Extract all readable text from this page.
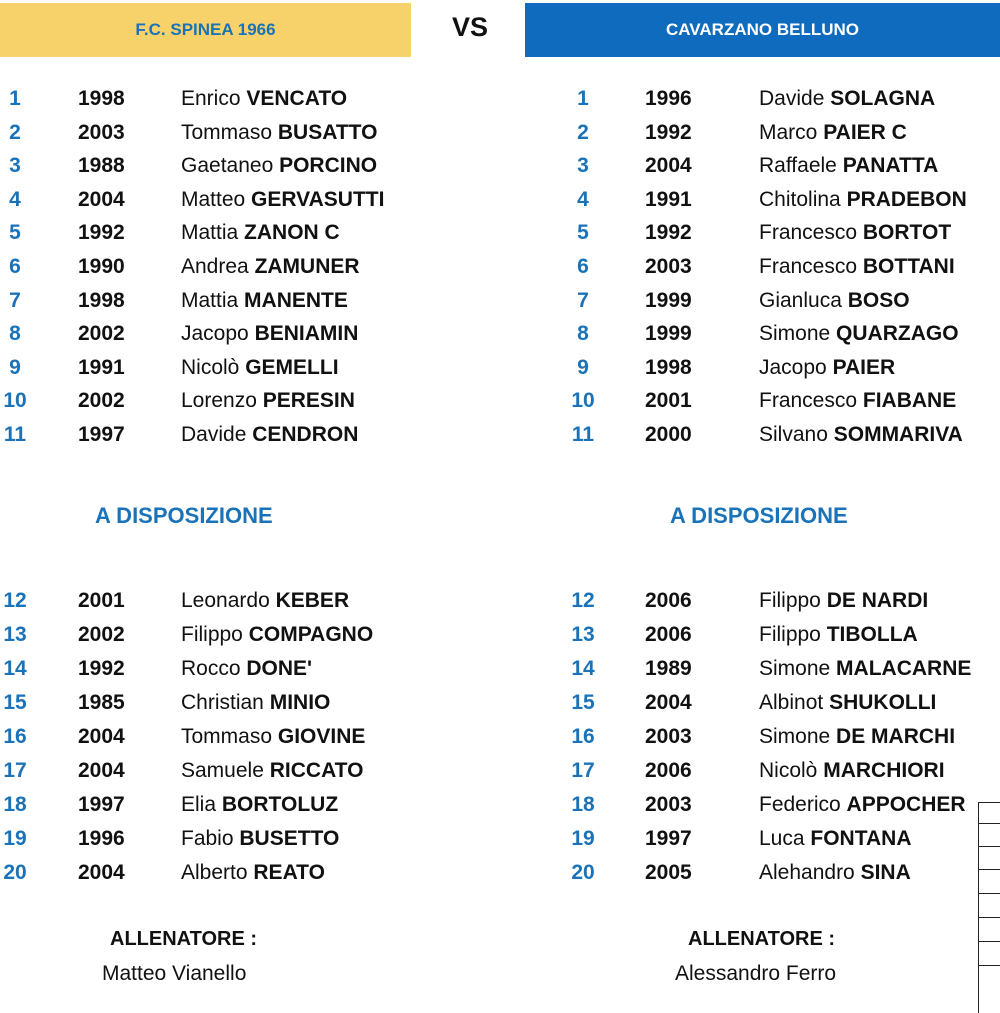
F.C. SPINEA 1966	VS	CAVARZANO BELLUNO
1	1998	Enrico VENCATO
2	2003	Tommaso BUSATTO
3	1988	Gaetaneo PORCINO
4	2004	Matteo GERVASUTTI
5	1992	Mattia ZANON C
6	1990	Andrea ZAMUNER
7	1998	Mattia MANENTE
8	2002	Jacopo BENIAMIN
9	1991	Nicolò GEMELLI
10	2002	Lorenzo PERESIN
11	1997	Davide CENDRON
1	1996	Davide SOLAGNA
2	1992	Marco PAIER C
3	2004	Raffaele PANATTA
4	1991	Chitolina PRADEBON
5	1992	Francesco BORTOT
6	2003	Francesco BOTTANI
7	1999	Gianluca BOSO
8	1999	Simone QUARZAGO
9	1998	Jacopo PAIER
10	2001	Francesco FIABANE
11	2000	Silvano SOMMARIVA
A DISPOSIZIONE	A DISPOSIZIONE
12	2001	Leonardo KEBER
13	2002	Filippo COMPAGNO
14	1992	Rocco DONE'
15	1985	Christian MINIO
16	2004	Tommaso GIOVINE
17	2004	Samuele RICCATO
18	1997	Elia BORTOLUZ
19	1996	Fabio BUSETTO
20	2004	Alberto REATO
12	2006	Filippo DE NARDI
13	2006	Filippo TIBOLLA
14	1989	Simone MALACARNE
15	2004	Albinot SHUKOLLI
16	2003	Simone DE MARCHI
17	2006	Nicolò MARCHIORI
18	2003	Federico APPOCHER
19	1997	Luca FONTANA
20	2005	Alehandro SINA
ALLENATORE :
Matteo Vianello
ALLENATORE :
Alessandro Ferro
